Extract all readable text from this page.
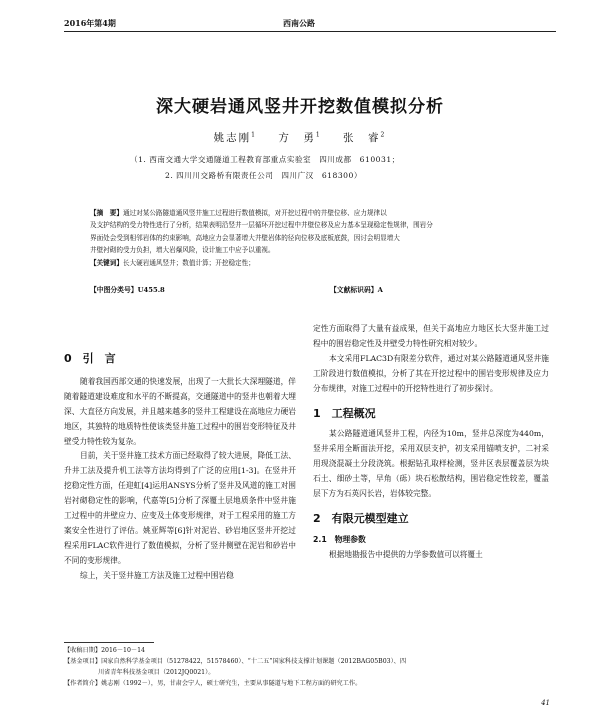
2016年第4期	西南公路
深大硬岩通风竖井开挖数值模拟分析
姚志刚$^1$ 方　勇$^1$ 张　睿$^2$
（1. 西南交通大学交通隧道工程教育部重点实验室　四川成都　610031；
2. 四川川交路桥有限责任公司　四川广汉　618300）
【摘　要】通过对某公路隧道通风竖井施工过程进行数值模拟，对开挖过程中的井壁位移、应力规律以
及支护结构的受力特性进行了分析，结果表明沿竖井一层循环开挖过程中井壁位移及应力基本呈现稳定性规律，围岩分
界面处会受到相邻岩体的约束影响，高地应力会显著增大井壁岩体的径向位移及底板底鼓，因讨会明显增大
井壁衬砌的受力负担，增大岩爆风险，设计施工中应予以重视。
【关键词】长大硬岩通风竖井；数值计算；开挖稳定性；
【中图分类号】U455.8	【文献标识码】A
0　引　言

随着我国西部交通的快速发展，出现了一大批长大深埋隧道，伴随着隧道建设难度和水平的不断提高，交通隧道中的竖井也朝着大埋深、大直径方向发展，并且越来越多的竖井工程建设在高地应力硬岩地区，其独特的地质特性使该类竖井施工过程中的围岩变形特征及井壁受力特性较为复杂。

目前，关于竖井施工技术方面已经取得了较大进展，降低工法、升井工法及提升机工法等方法均得到了广泛的应用[1-3]。在竖井开挖稳定性方面，任迎虹[4]运用ANSYS分析了竖井及风道的施工对围岩衬砌稳定性的影响，代嘉等[5]分析了深覆土层地质条件中竖井施工过程中的井壁应力、应变及土体变形规律，对于工程采用的施工方案安全性进行了评估。姚亚辉等[6]针对泥岩、砂岩地区竖井开挖过程采用FLAC软件进行了数值模拟，分析了竖井侧壁在泥岩和砂岩中不同的变形规律。

综上，关于竖井施工方法及施工过程中围岩稳

定性方面取得了大量有益成果，但关于高地应力地区长大竖井施工过程中的围岩稳定性及井壁受力特性研究相对较少。

本文采用FLAC3D有限差分软件，通过对某公路隧道通风竖井施工阶段进行数值模拟，分析了其在开挖过程中的围岩变形规律及应力分布规律，对施工过程中的开挖特性进行了初步探讨。

1　工程概况

某公路隧道通风竖井工程，内径为10m，竖井总深度为440m，竖井采用全断面法开挖，采用双层支护，初支采用锚喷支护，二衬采用现浇混凝土分段浇筑。根据钻孔取样检测，竖井区表层覆盖层为块石土、细砂土等，早角（砾）块石松散结构，围岩稳定性较差，覆盖层下方为石英闪长岩，岩体较完整。

2　有限元模型建立
2.1　物理参数

根据地勘报告中提供的力学参数值可以将覆土

【收稿日期】2016－10－14
【基金项目】国家自然科学基金项目（51278422，51578460）、“十二五”国家科技支撑计划课题（2012BAG05B03）、四
川省青年科技基金项目（2012JQ0021）。
【作者简介】姚志刚（1992－），男，甘肃会宁人，硕士研究生，主要从事隧道与地下工程方面的研究工作。
41
